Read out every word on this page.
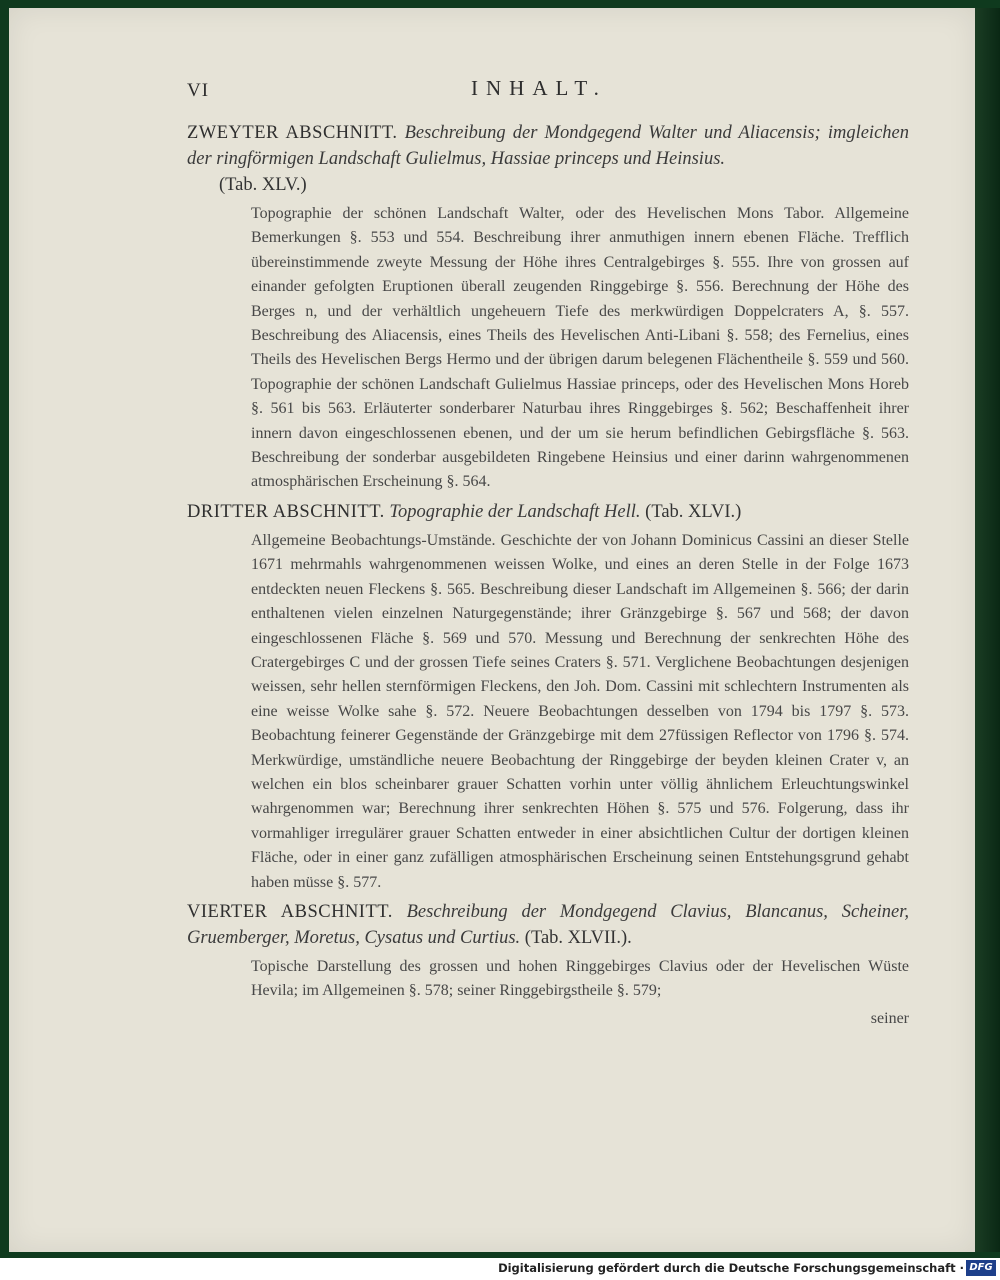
VI	INHALT.

ZWEYTER ABSCHNITT. Beschreibung der Mondgegend Walter und Aliacensis; imgleichen der ringförmigen Landschaft Gulielmus, Hassiae princeps und Heinsius.
(Tab. XLV.)

Topographie der schönen Landschaft Walter, oder des Hevelischen Mons Tabor. Allgemeine Bemerkungen §. 553 und 554. Beschreibung ihrer anmuthigen innern ebenen Fläche. Trefflich übereinstimmende zweyte Messung der Höhe ihres Centralgebirges §. 555. Ihre von grossen auf einander gefolgten Eruptionen überall zeugenden Ringgebirge §. 556. Berechnung der Höhe des Berges n, und der verhältlich ungeheuern Tiefe des merkwürdigen Doppelcraters A, §. 557. Beschreibung des Aliacensis, eines Theils des Hevelischen Anti-Libani §. 558; des Fernelius, eines Theils des Hevelischen Bergs Hermo und der übrigen darum belegenen Flächentheile §. 559 und 560. Topographie der schönen Landschaft Gulielmus Hassiae princeps, oder des Hevelischen Mons Horeb §. 561 bis 563. Erläuterter sonderbarer Naturbau ihres Ringgebirges §. 562; Beschaffenheit ihrer innern davon eingeschlossenen ebenen, und der um sie herum befindlichen Gebirgsfläche §. 563. Beschreibung der sonderbar ausgebildeten Ringebene Heinsius und einer darinn wahrgenommenen atmosphärischen Erscheinung §. 564.

DRITTER ABSCHNITT. Topographie der Landschaft Hell. (Tab. XLVI.)

Allgemeine Beobachtungs-Umstände. Geschichte der von Johann Dominicus Cassini an dieser Stelle 1671 mehrmahls wahrgenommenen weissen Wolke, und eines an deren Stelle in der Folge 1673 entdeckten neuen Fleckens §. 565. Beschreibung dieser Landschaft im Allgemeinen §. 566; der darin enthaltenen vielen einzelnen Naturgegenstände; ihrer Gränzgebirge §. 567 und 568; der davon eingeschlossenen Fläche §. 569 und 570. Messung und Berechnung der senkrechten Höhe des Cratergebirges C und der grossen Tiefe seines Craters §. 571. Verglichene Beobachtungen desjenigen weissen, sehr hellen sternförmigen Fleckens, den Joh. Dom. Cassini mit schlechtern Instrumenten als eine weisse Wolke sahe §. 572. Neuere Beobachtungen desselben von 1794 bis 1797 §. 573. Beobachtung feinerer Gegenstände der Gränzgebirge mit dem 27füssigen Reflector von 1796 §. 574. Merkwürdige, umständliche neuere Beobachtung der Ringgebirge der beyden kleinen Crater v, an welchen ein blos scheinbarer grauer Schatten vorhin unter völlig ähnlichem Erleuchtungswinkel wahrgenommen war; Berechnung ihrer senkrechten Höhen §. 575 und 576. Folgerung, dass ihr vormahliger irregulärer grauer Schatten entweder in einer absichtlichen Cultur der dortigen kleinen Fläche, oder in einer ganz zufälligen atmosphärischen Erscheinung seinen Entstehungsgrund gehabt haben müsse §. 577.

VIERTER ABSCHNITT. Beschreibung der Mondgegend Clavius, Blancanus, Scheiner, Gruemberger, Moretus, Cysatus und Curtius. (Tab. XLVII.).

Topische Darstellung des grossen und hohen Ringgebirges Clavius oder der Hevelischen Wüste Hevila; im Allgemeinen §. 578; seiner Ringgebirgstheile §. 579;

seiner
Digitalisierung gefördert durch die Deutsche Forschungsgemeinschaft · DFG
